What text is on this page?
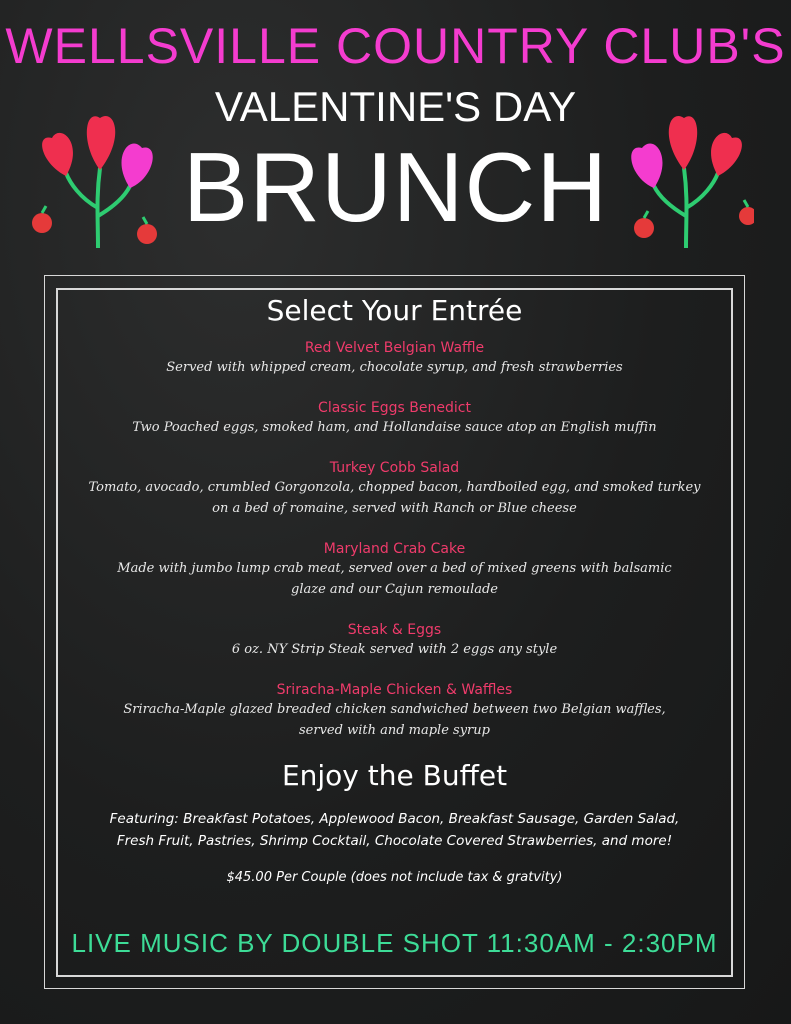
WELLSVILLE COUNTRY CLUB'S
VALENTINE'S DAY
BRUNCH
Select Your Entrée
Red Velvet Belgian Waffle
Served with whipped cream, chocolate syrup, and fresh strawberries
Classic Eggs Benedict
Two Poached eggs, smoked ham, and Hollandaise sauce atop an English muffin
Turkey Cobb Salad
Tomato, avocado, crumbled Gorgonzola, chopped bacon, hardboiled egg, and smoked turkey
on a bed of romaine, served with Ranch or Blue cheese
Maryland Crab Cake
Made with jumbo lump crab meat, served over a bed of mixed greens with balsamic
glaze and our Cajun remoulade
Steak & Eggs
6 oz. NY Strip Steak served with 2 eggs any style
Sriracha-Maple Chicken & Waffles
Sriracha-Maple glazed breaded chicken sandwiched between two Belgian waffles,
served with and maple syrup
Enjoy the Buffet
Featuring: Breakfast Potatoes, Applewood Bacon, Breakfast Sausage, Garden Salad,
Fresh Fruit, Pastries, Shrimp Cocktail, Chocolate Covered Strawberries, and more!
$45.00 Per Couple (does not include tax & gratvity)
LIVE MUSIC BY DOUBLE SHOT 11:30AM - 2:30PM
